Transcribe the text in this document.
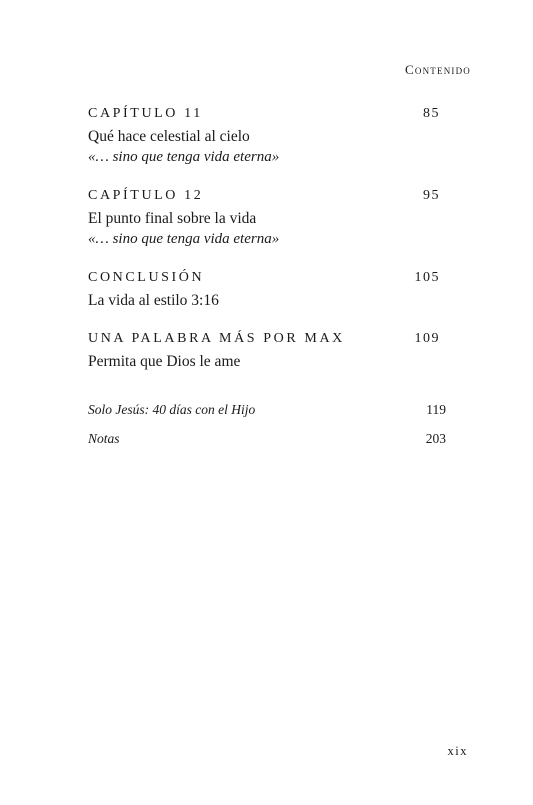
Contenido
CAPÍTULO 11	85
Qué hace celestial al cielo
«… sino que tenga vida eterna»
CAPÍTULO 12	95
El punto final sobre la vida
«… sino que tenga vida eterna»
CONCLUSIÓN	105
La vida al estilo 3:16
UNA PALABRA MÁS POR MAX	109
Permita que Dios le ame
Solo Jesús: 40 días con el Hijo	119
Notas	203
xix
